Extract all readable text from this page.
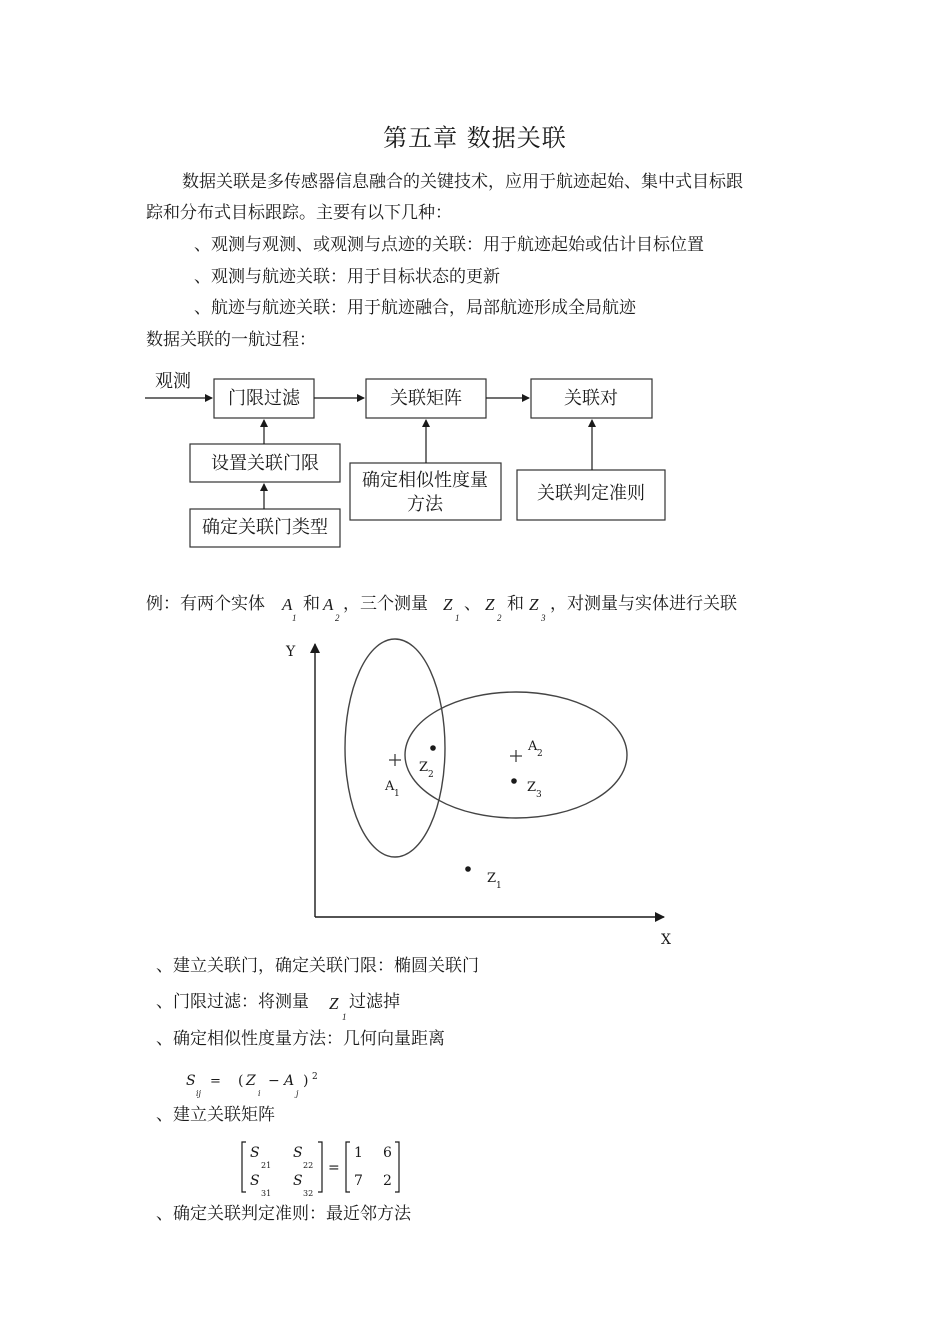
第五章 数据关联
数据关联是多传感器信息融合的关键技术，应用于航迹起始、集中式目标跟
踪和分布式目标跟踪。主要有以下几种：
、观测与观测、或观测与点迹的关联：用于航迹起始或估计目标位置
、观测与航迹关联：用于目标状态的更新
、航迹与航迹关联：用于航迹融合，局部航迹形成全局航迹
数据关联的一航过程：
观测
门限过滤	关联矩阵	关联对
设置关联门限
确定关联门类型
确定相似性度量
方法
关联判定准则
例：有两个实体 A
1
和 A
2
，三个测量 Z
1
、 Z
2
和 Z
3
，对测量与实体进行关联
Y
X
A 1
A 2
Z 2
Z 3
Z 1
、建立关联门，确定关联门限：椭圆关联门
、门限过滤：将测量 Z
1
过滤掉
、确定相似性度量方法：几何向量距离
S
ij
= ( Z
i
− A
j
) 2
、建立关联矩阵
S
21
S
22
S
31
S
32
=
1 6
7 2
、确定关联判定准则：最近邻方法
